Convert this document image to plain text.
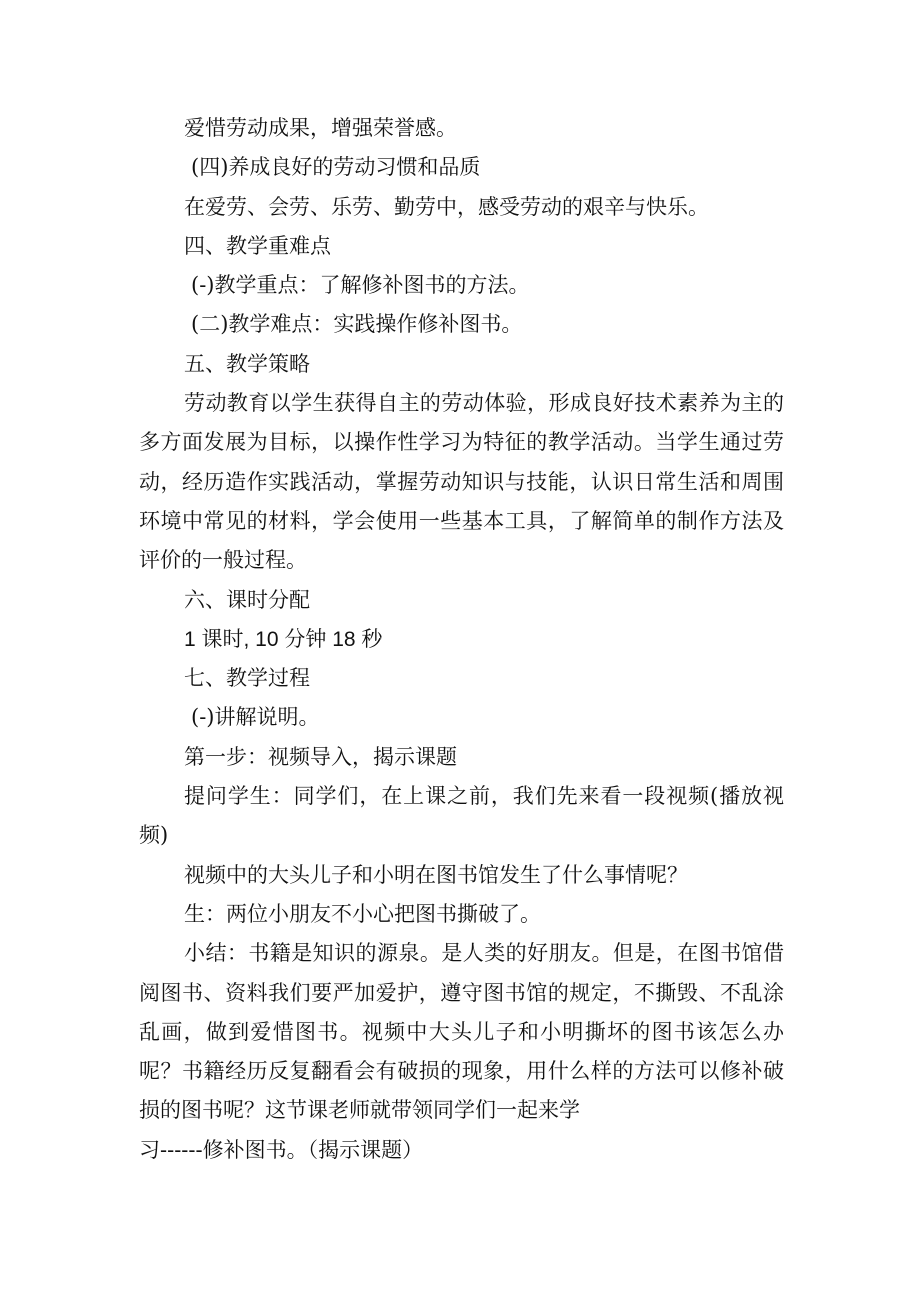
爱惜劳动成果，增强荣誉感。
(四)养成良好的劳动习惯和品质
在爱劳、会劳、乐劳、勤劳中，感受劳动的艰辛与快乐。
四、教学重难点
(-)教学重点：了解修补图书的方法。
(二)教学难点：实践操作修补图书。
五、教学策略
劳动教育以学生获得自主的劳动体验，形成良好技术素养为主的多方面发展为目标，以操作性学习为特征的教学活动。当学生通过劳动，经历造作实践活动，掌握劳动知识与技能，认识日常生活和周围环境中常见的材料，学会使用一些基本工具，了解简单的制作方法及评价的一般过程。
六、课时分配
1 课时, 10 分钟 18 秒
七、教学过程
(-)讲解说明。
第一步：视频导入，揭示课题
提问学生：同学们，在上课之前，我们先来看一段视频(播放视频)
视频中的大头儿子和小明在图书馆发生了什么事情呢？
生：两位小朋友不小心把图书撕破了。
小结：书籍是知识的源泉。是人类的好朋友。但是，在图书馆借阅图书、资料我们要严加爱护，遵守图书馆的规定，不撕毁、不乱涂乱画，做到爱惜图书。视频中大头儿子和小明撕坏的图书该怎么办呢？书籍经历反复翻看会有破损的现象，用什么样的方法可以修补破损的图书呢？这节课老师就带领同学们一起来学
习------修补图书。（揭示课题）
